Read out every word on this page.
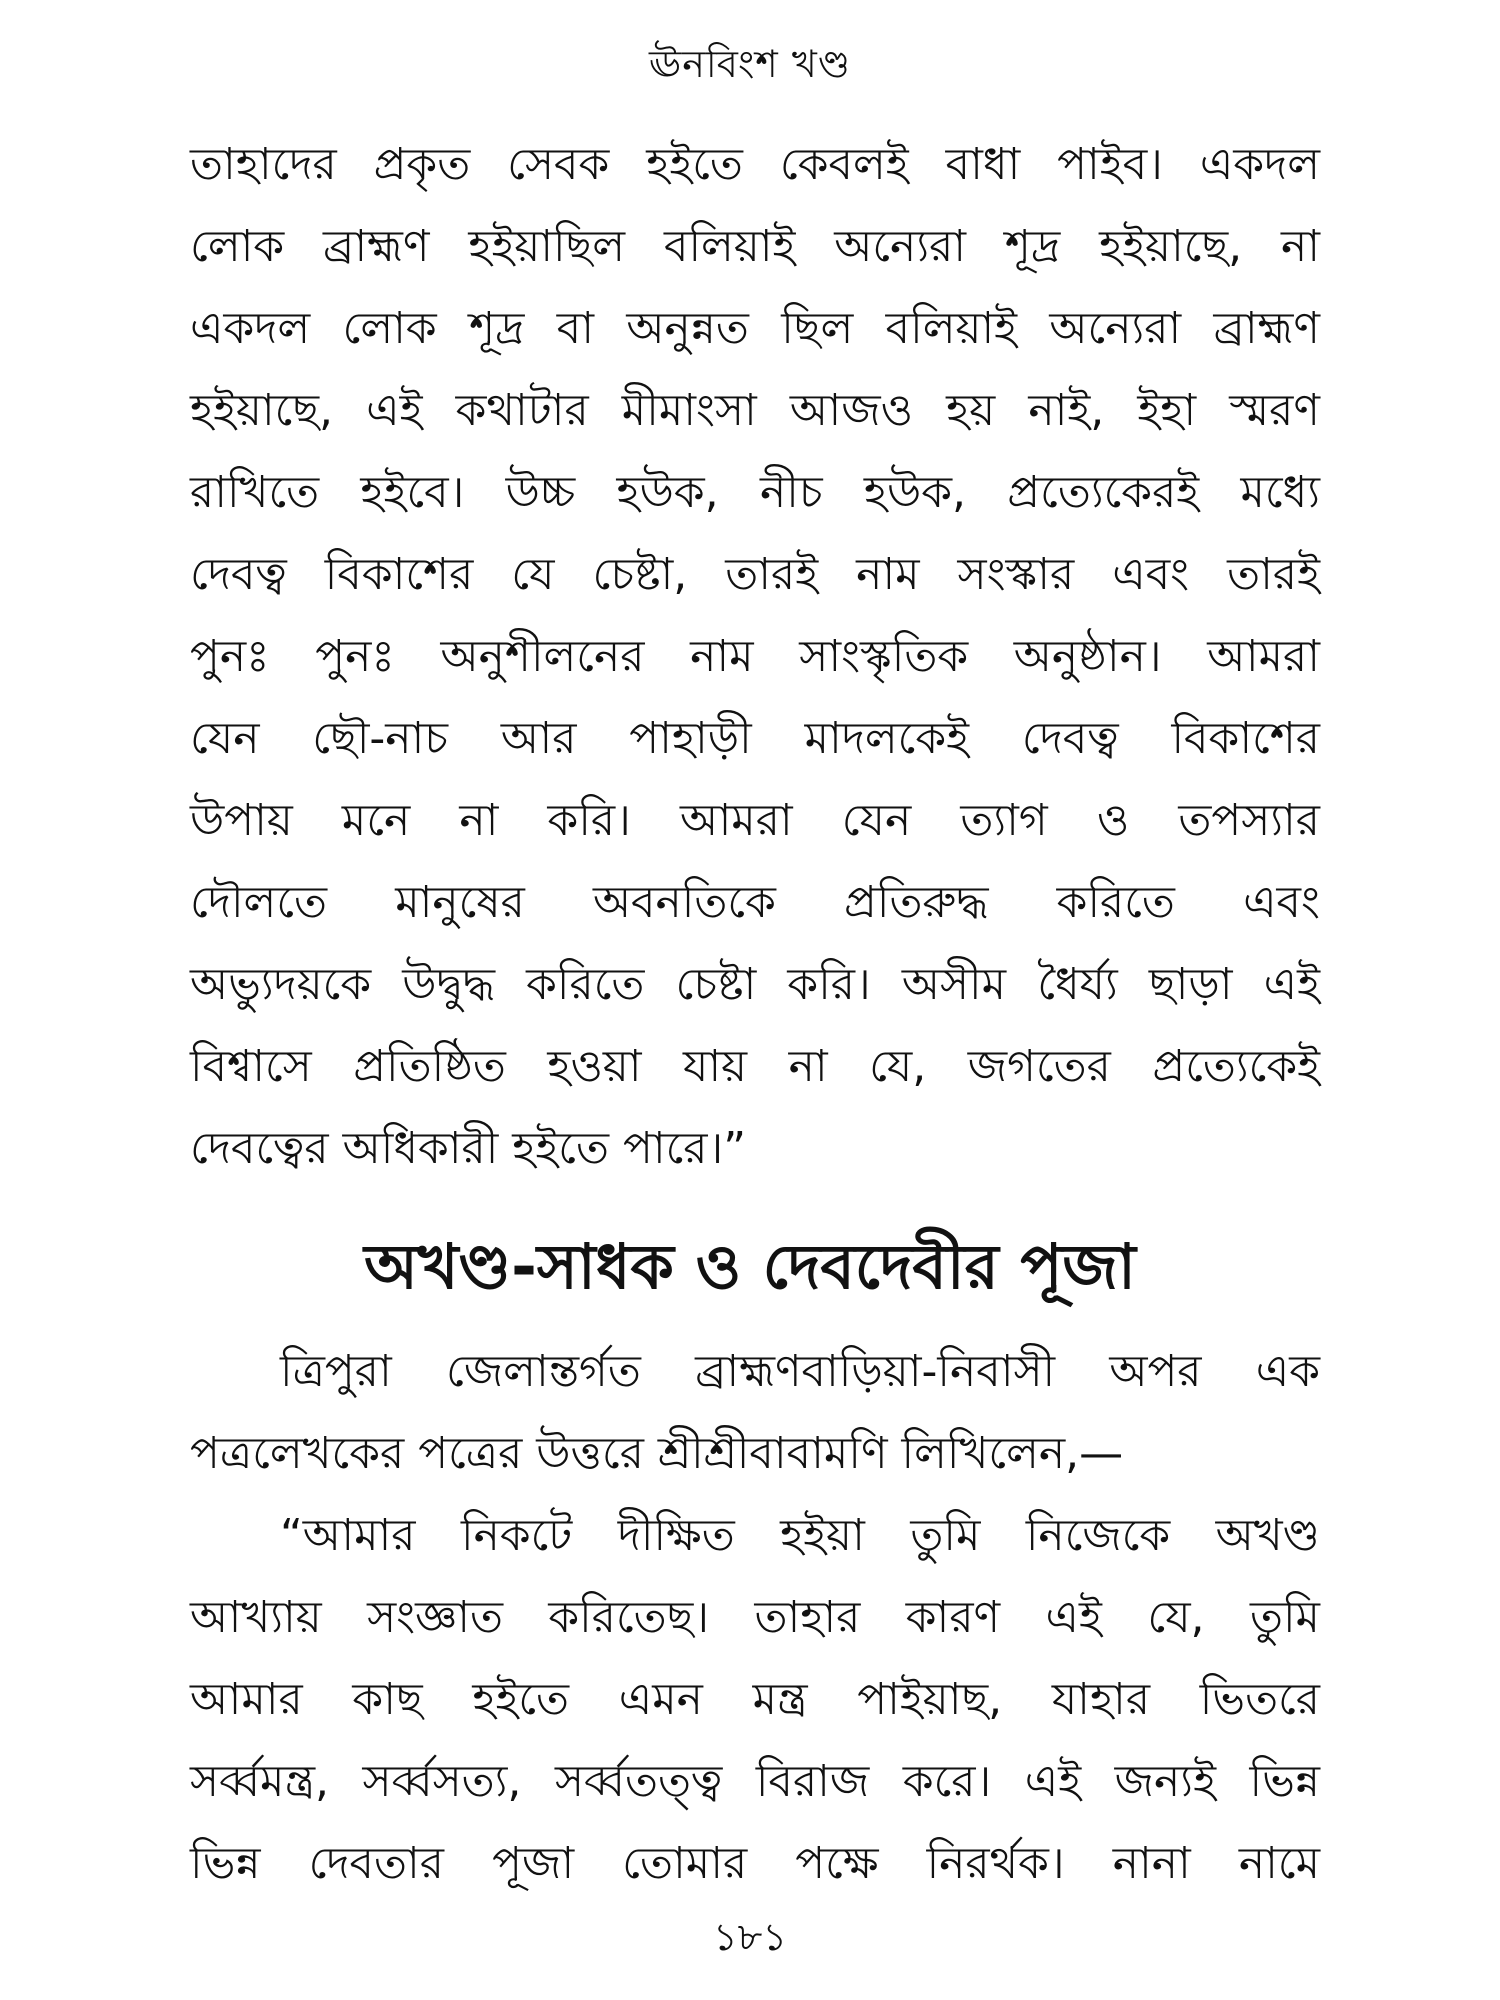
ঊনবিংশ খণ্ড
তাহাদের প্রকৃত সেবক হইতে কেবলই বাধা পাইব। একদল
লোক ব্রাহ্মণ হইয়াছিল বলিয়াই অন্যেরা শূদ্র হইয়াছে, না
একদল লোক শূদ্র বা অনুন্নত ছিল বলিয়াই অন্যেরা ব্রাহ্মণ
হইয়াছে, এই কথাটার মীমাংসা আজও হয় নাই, ইহা স্মরণ
রাখিতে হইবে। উচ্চ হউক, নীচ হউক, প্রত্যেকেরই মধ্যে
দেবত্ব বিকাশের যে চেষ্টা, তারই নাম সংস্কার এবং তারই
পুনঃ পুনঃ অনুশীলনের নাম সাংস্কৃতিক অনুষ্ঠান। আমরা
যেন ছৌ-নাচ আর পাহাড়ী মাদলকেই দেবত্ব বিকাশের
উপায় মনে না করি। আমরা যেন ত্যাগ ও তপস্যার
দৌলতে মানুষের অবনতিকে প্রতিরুদ্ধ করিতে এবং
অভ্যুদয়কে উদ্বুদ্ধ করিতে চেষ্টা করি। অসীম ধৈর্য্য ছাড়া এই
বিশ্বাসে প্রতিষ্ঠিত হওয়া যায় না যে, জগতের প্রত্যেকেই
দেবত্বের অধিকারী হইতে পারে।”
অখণ্ড-সাধক ও দেবদেবীর পূজা
ত্রিপুরা জেলান্তর্গত ব্রাহ্মণবাড়িয়া-নিবাসী অপর এক
পত্রলেখকের পত্রের উত্তরে শ্রীশ্রীবাবামণি লিখিলেন,—
“আমার নিকটে দীক্ষিত হইয়া তুমি নিজেকে অখণ্ড
আখ্যায় সংজ্ঞাত করিতেছ। তাহার কারণ এই যে, তুমি
আমার কাছ হইতে এমন মন্ত্র পাইয়াছ, যাহার ভিতরে
সর্ব্বমন্ত্র, সর্ব্বসত্য, সর্ব্বতত্ত্ব বিরাজ করে। এই জন্যই ভিন্ন
ভিন্ন দেবতার পূজা তোমার পক্ষে নিরর্থক। নানা নামে
১৮১
